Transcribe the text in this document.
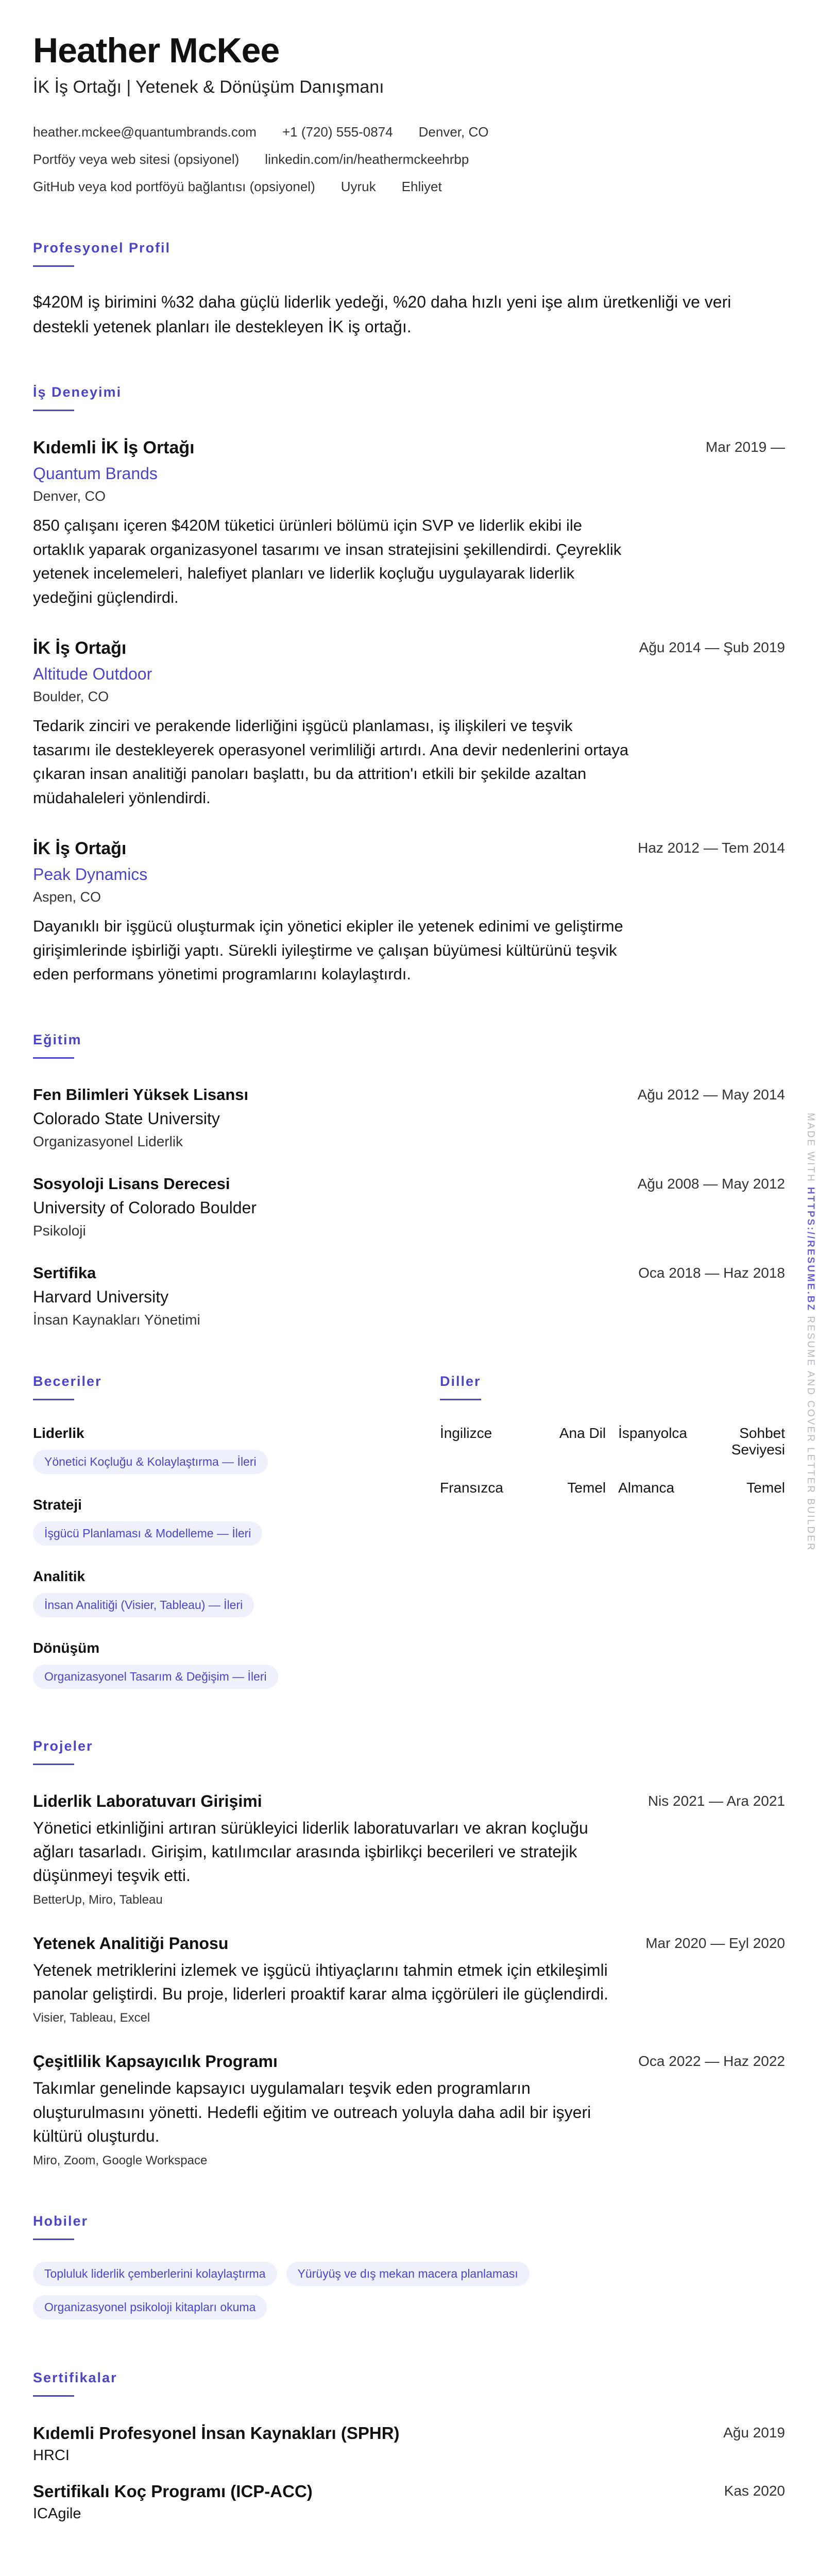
Heather McKee
İK İş Ortağı | Yetenek & Dönüşüm Danışmanı
heather.mckee@quantumbrands.com +1 (720) 555-0874 Denver, CO
Portföy veya web sitesi (opsiyonel) linkedin.com/in/heathermckeehrbp
GitHub veya kod portföyü bağlantısı (opsiyonel) Uyruk Ehliyet
Profesyonel Profil
$420M iş birimini %32 daha güçlü liderlik yedeği, %20 daha hızlı yeni işe alım üretkenliği ve veri destekli yetenek planları ile destekleyen İK iş ortağı.
İş Deneyimi
Kıdemli İK İş Ortağı	Mar 2019 —
Quantum Brands
Denver, CO
850 çalışanı içeren $420M tüketici ürünleri bölümü için SVP ve liderlik ekibi ile ortaklık yaparak organizasyonel tasarımı ve insan stratejisini şekillendirdi. Çeyreklik yetenek incelemeleri, halefiyet planları ve liderlik koçluğu uygulayarak liderlik yedeğini güçlendirdi.
İK İş Ortağı	Ağu 2014 — Şub 2019
Altitude Outdoor
Boulder, CO
Tedarik zinciri ve perakende liderliğini işgücü planlaması, iş ilişkileri ve teşvik tasarımı ile destekleyerek operasyonel verimliliği artırdı. Ana devir nedenlerini ortaya çıkaran insan analitiği panoları başlattı, bu da attrition'ı etkili bir şekilde azaltan müdahaleleri yönlendirdi.
İK İş Ortağı	Haz 2012 — Tem 2014
Peak Dynamics
Aspen, CO
Dayanıklı bir işgücü oluşturmak için yönetici ekipler ile yetenek edinimi ve geliştirme girişimlerinde işbirliği yaptı. Sürekli iyileştirme ve çalışan büyümesi kültürünü teşvik eden performans yönetimi programlarını kolaylaştırdı.
Eğitim
Fen Bilimleri Yüksek Lisansı	Ağu 2012 — May 2014
Colorado State University
Organizasyonel Liderlik
Sosyoloji Lisans Derecesi	Ağu 2008 — May 2012
University of Colorado Boulder
Psikoloji
Sertifika	Oca 2018 — Haz 2018
Harvard University
İnsan Kaynakları Yönetimi
Beceriler
Liderlik
Yönetici Koçluğu & Kolaylaştırma — İleri
Strateji
İşgücü Planlaması & Modelleme — İleri
Analitik
İnsan Analitiği (Visier, Tableau) — İleri
Dönüşüm
Organizasyonel Tasarım & Değişim — İleri
Diller
İngilizce	Ana Dil İspanyolca	Sohbet Seviyesi
Fransızca	Temel Almanca	Temel
Projeler
Liderlik Laboratuvarı Girişimi	Nis 2021 — Ara 2021
Yönetici etkinliğini artıran sürükleyici liderlik laboratuvarları ve akran koçluğu ağları tasarladı. Girişim, katılımcılar arasında işbirlikçi becerileri ve stratejik düşünmeyi teşvik etti.
BetterUp, Miro, Tableau
Yetenek Analitiği Panosu	Mar 2020 — Eyl 2020
Yetenek metriklerini izlemek ve işgücü ihtiyaçlarını tahmin etmek için etkileşimli panolar geliştirdi. Bu proje, liderleri proaktif karar alma içgörüleri ile güçlendirdi.
Visier, Tableau, Excel
Çeşitlilik Kapsayıcılık Programı	Oca 2022 — Haz 2022
Takımlar genelinde kapsayıcı uygulamaları teşvik eden programların oluşturulmasını yönetti. Hedefli eğitim ve outreach yoluyla daha adil bir işyeri kültürü oluşturdu.
Miro, Zoom, Google Workspace
Hobiler
Topluluk liderlik çemberlerini kolaylaştırma	Yürüyüş ve dış mekan macera planlaması
Organizasyonel psikoloji kitapları okuma
Sertifikalar
Kıdemli Profesyonel İnsan Kaynakları (SPHR)	Ağu 2019
HRCI
Sertifikalı Koç Programı (ICP-ACC)	Kas 2020
ICAgile
MADE WITH HTTPS://RESUME.BZ RESUME AND COVER LETTER BUILDER
